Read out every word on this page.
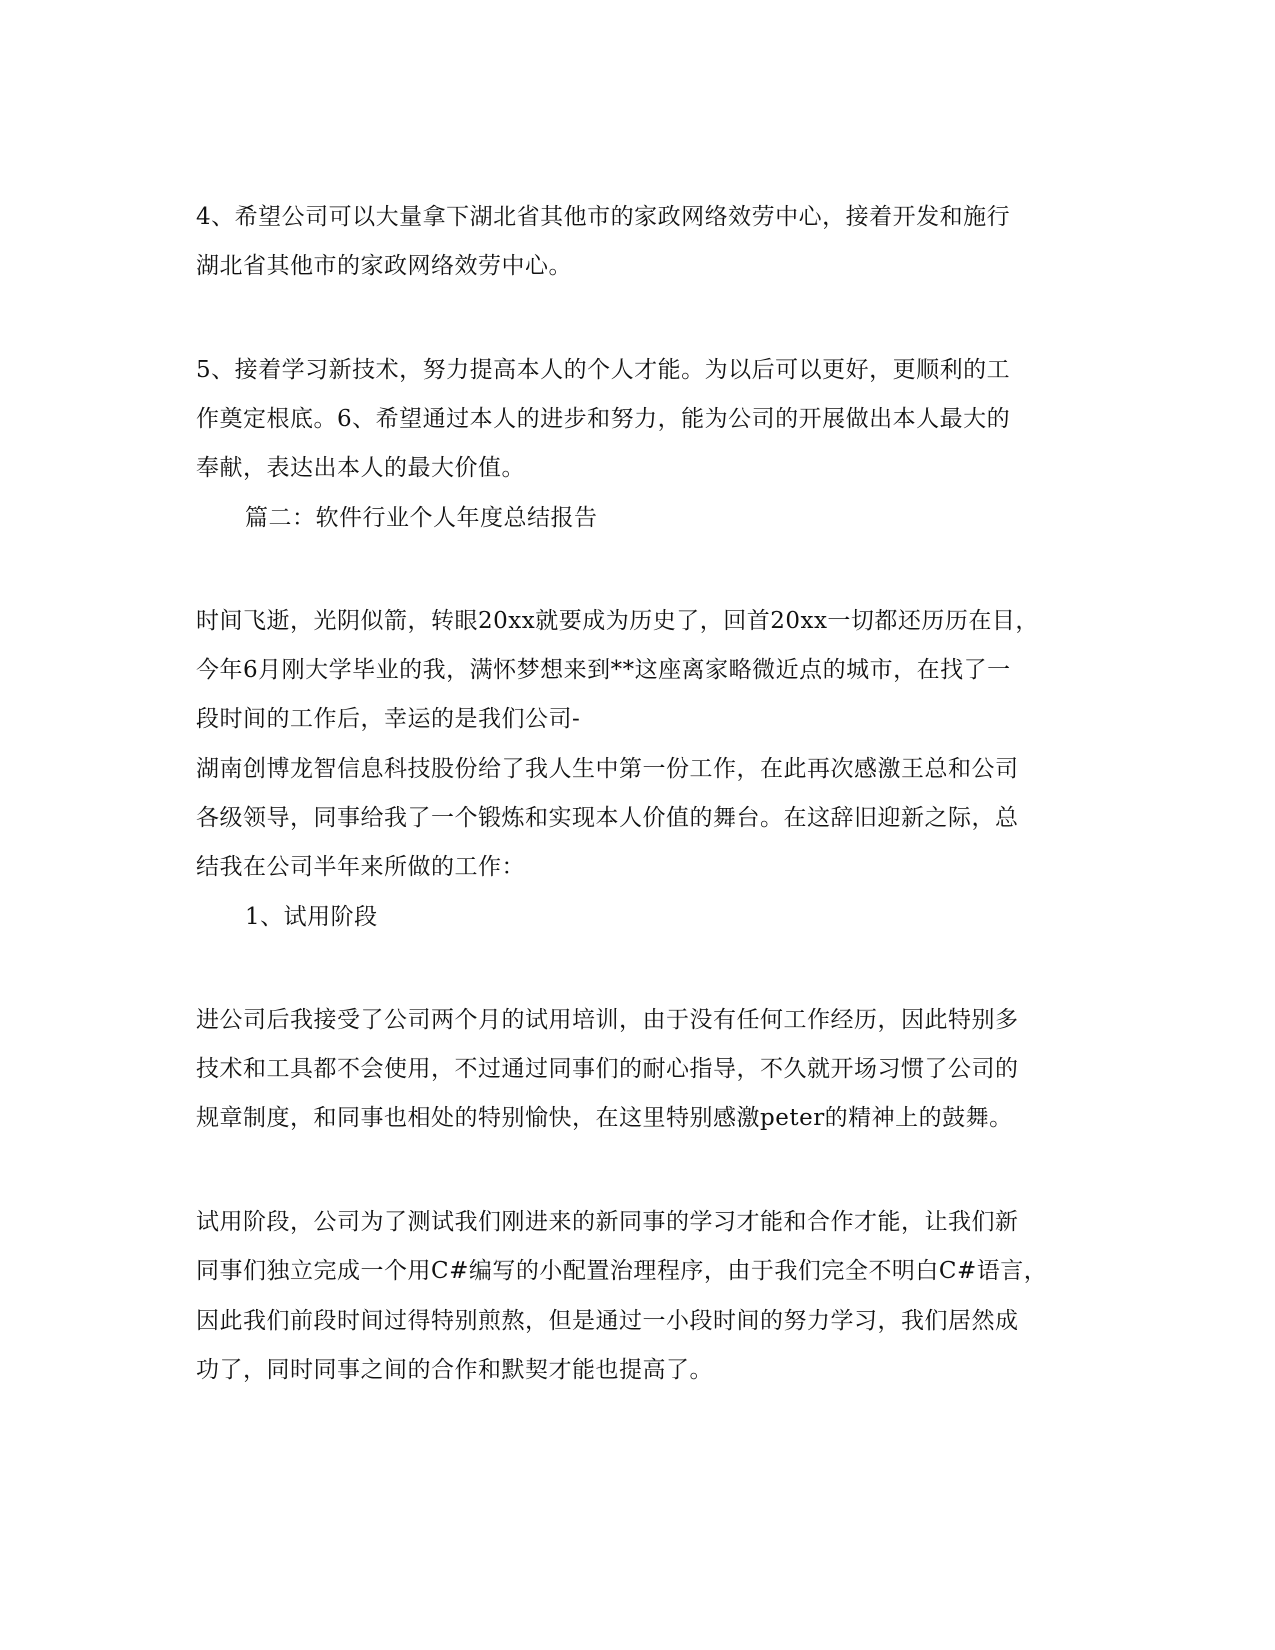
4、希望公司可以大量拿下湖北省其他市的家政网络效劳中心，接着开发和施行
湖北省其他市的家政网络效劳中心。
5、接着学习新技术，努力提高本人的个人才能。为以后可以更好，更顺利的工
作奠定根底。6、希望通过本人的进步和努力，能为公司的开展做出本人最大的
奉献，表达出本人的最大价值。
篇二：软件行业个人年度总结报告
时间飞逝，光阴似箭，转眼20xx就要成为历史了，回首20xx一切都还历历在目，
今年6月刚大学毕业的我，满怀梦想来到**这座离家略微近点的城市，在找了一
段时间的工作后，幸运的是我们公司-
湖南创博龙智信息科技股份给了我人生中第一份工作，在此再次感激王总和公司
各级领导，同事给我了一个锻炼和实现本人价值的舞台。在这辞旧迎新之际，总
结我在公司半年来所做的工作：
1、试用阶段
进公司后我接受了公司两个月的试用培训，由于没有任何工作经历，因此特别多
技术和工具都不会使用，不过通过同事们的耐心指导，不久就开场习惯了公司的
规章制度，和同事也相处的特别愉快，在这里特别感激peter的精神上的鼓舞。
试用阶段，公司为了测试我们刚进来的新同事的学习才能和合作才能，让我们新
同事们独立完成一个用C#编写的小配置治理程序，由于我们完全不明白C#语言，
因此我们前段时间过得特别煎熬，但是通过一小段时间的努力学习，我们居然成
功了，同时同事之间的合作和默契才能也提高了。
